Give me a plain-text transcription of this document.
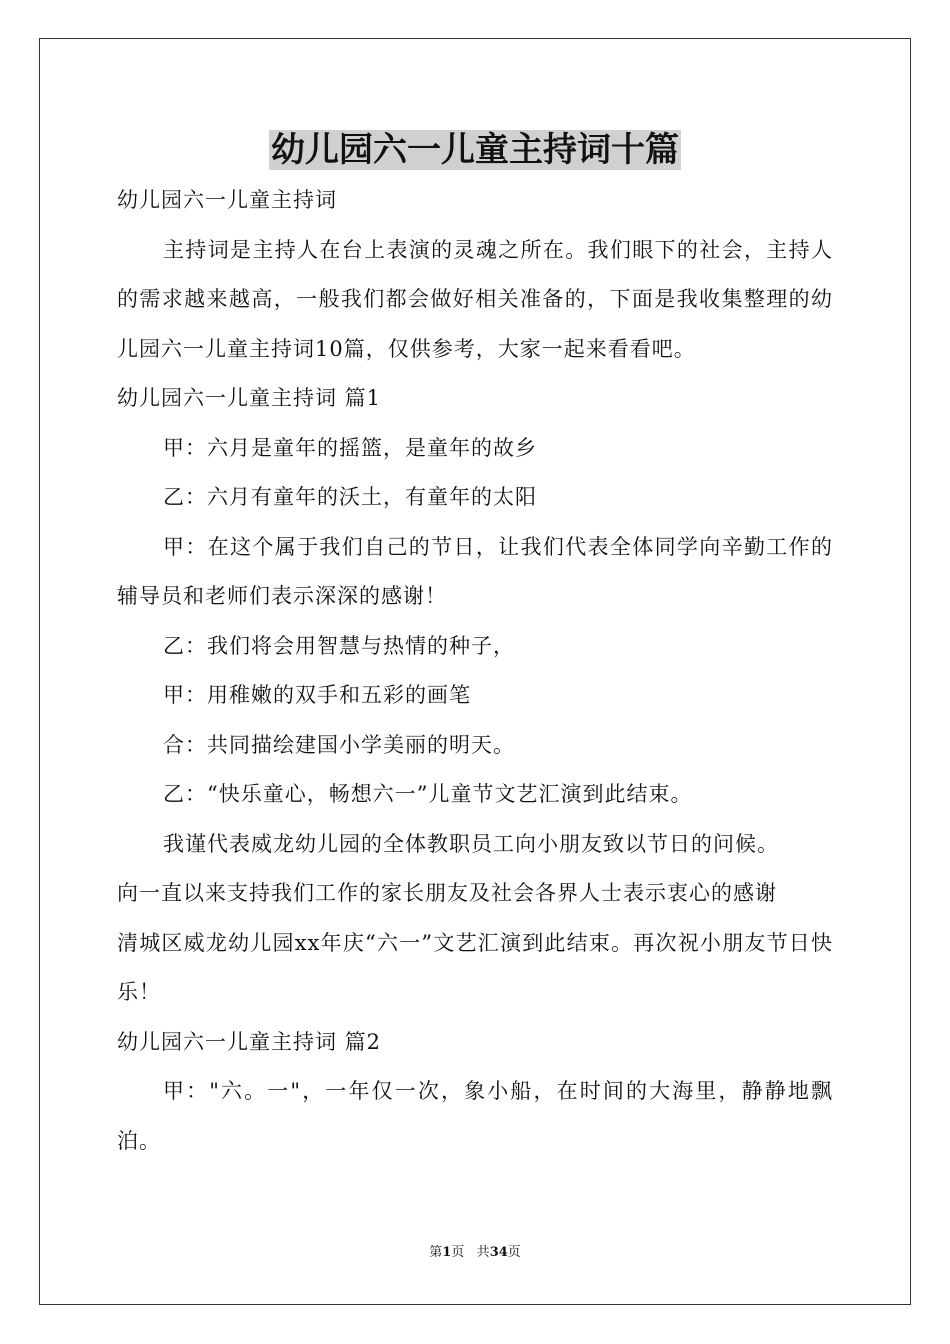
幼儿园六一儿童主持词十篇

幼儿园六一儿童主持词

主持词是主持人在台上表演的灵魂之所在。我们眼下的社会，主持人的需求越来越高，一般我们都会做好相关准备的，下面是我收集整理的幼儿园六一儿童主持词10篇，仅供参考，大家一起来看看吧。

幼儿园六一儿童主持词 篇1

甲：六月是童年的摇篮，是童年的故乡

乙：六月有童年的沃土，有童年的太阳

甲：在这个属于我们自己的节日，让我们代表全体同学向辛勤工作的辅导员和老师们表示深深的感谢！

乙：我们将会用智慧与热情的种子，

甲：用稚嫩的双手和五彩的画笔

合：共同描绘建国小学美丽的明天。

乙：“快乐童心，畅想六一”儿童节文艺汇演到此结束。

我谨代表威龙幼儿园的全体教职员工向小朋友致以节日的问候。

向一直以来支持我们工作的家长朋友及社会各界人士表示衷心的感谢

清城区威龙幼儿园xx年庆“六一”文艺汇演到此结束。再次祝小朋友节日快乐！

幼儿园六一儿童主持词 篇2

甲："六。一"，一年仅一次，象小船，在时间的大海里，静静地飘泊。

第1页 共34页
